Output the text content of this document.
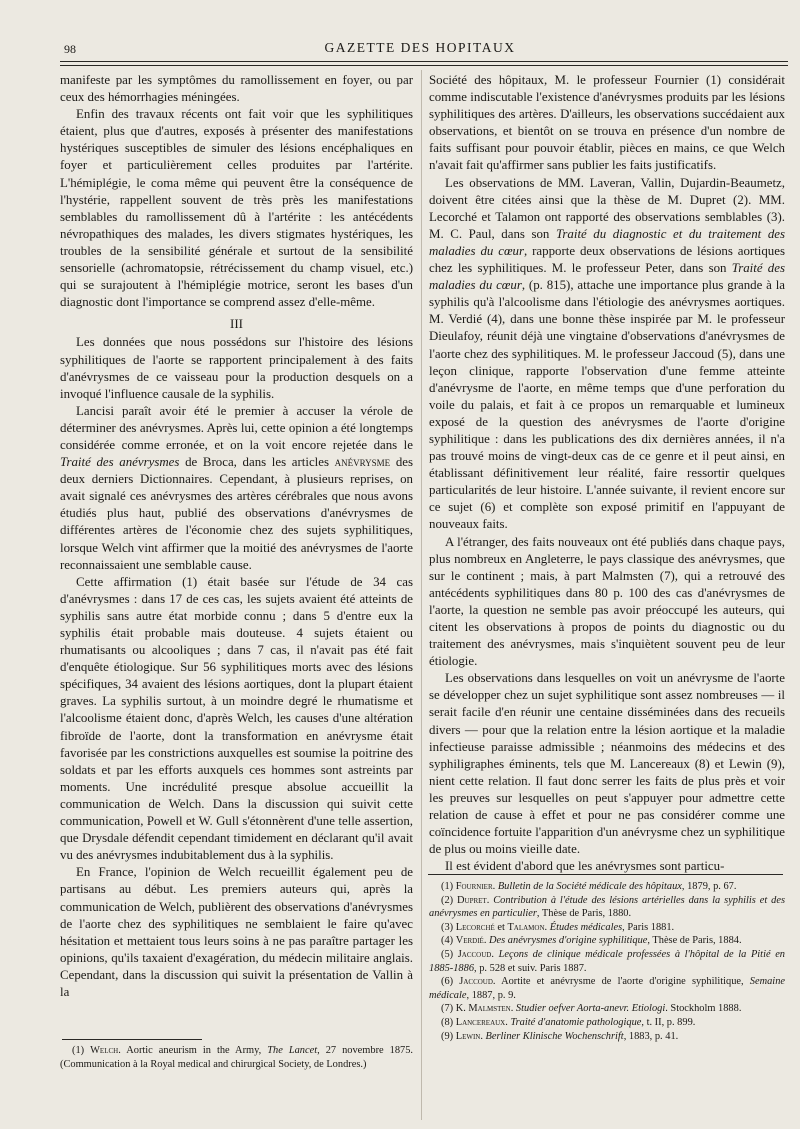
98	GAZETTE DES HOPITAUX

manifeste par les symptômes du ramollissement en foyer, ou par ceux des hémorrhagies méningées.

Enfin des travaux récents ont fait voir que les syphilitiques étaient, plus que d'autres, exposés à présenter des manifestations hystériques susceptibles de simuler des lésions encéphaliques en foyer et particulièrement celles produites par l'artérite. L'hémiplégie, le coma même qui peuvent être la conséquence de l'hystérie, rappellent souvent de très près les manifestations semblables du ramollissement dû à l'artérite : les antécédents névropathiques des malades, les divers stigmates hystériques, les troubles de la sensibilité générale et surtout de la sensibilité sensorielle (achromatopsie, rétrécissement du champ visuel, etc.) qui se surajoutent à l'hémiplégie motrice, seront les bases d'un diagnostic dont l'importance se comprend assez d'elle-même.

III

Les données que nous possédons sur l'histoire des lésions syphilitiques de l'aorte se rapportent principalement à des faits d'anévrysmes de ce vaisseau pour la production desquels on a invoqué l'influence causale de la syphilis.

Lancisi paraît avoir été le premier à accuser la vérole de déterminer des anévrysmes. Après lui, cette opinion a été longtemps considérée comme erronée, et on la voit encore rejetée dans le Traité des anévrysmes de Broca, dans les articles anévrysme des deux derniers Dictionnaires. Cependant, à plusieurs reprises, on avait signalé ces anévrysmes des artères cérébrales que nous avons étudiés plus haut, publié des observations d'anévrysmes de différentes artères de l'économie chez des sujets syphilitiques, lorsque Welch vint affirmer que la moitié des anévrysmes de l'aorte reconnaissaient une semblable cause.

Cette affirmation (1) était basée sur l'étude de 34 cas d'anévrysmes : dans 17 de ces cas, les sujets avaient été atteints de syphilis sans autre état morbide connu ; dans 5 d'entre eux la syphilis était probable mais douteuse. 4 sujets étaient ou rhumatisants ou alcooliques ; dans 7 cas, il n'avait pas été fait d'enquête étiologique. Sur 56 syphilitiques morts avec des lésions spécifiques, 34 avaient des lésions aortiques, dont la plupart étaient graves. La syphilis surtout, à un moindre degré le rhumatisme et l'alcoolisme étaient donc, d'après Welch, les causes d'une altération fibroïde de l'aorte, dont la transformation en anévrysme était favorisée par les constrictions auxquelles est soumise la poitrine des soldats et par les efforts auxquels ces hommes sont astreints par moments. Une incrédulité presque absolue accueillit la communication de Welch. Dans la discussion qui suivit cette communication, Powell et W. Gull s'étonnèrent d'une telle assertion, que Drysdale défendit cependant timidement en déclarant qu'il avait vu des anévrysmes indubitablement dus à la syphilis.

En France, l'opinion de Welch recueillit également peu de partisans au début. Les premiers auteurs qui, après la communication de Welch, publièrent des observations d'anévrysmes de l'aorte chez des syphilitiques ne semblaient le faire qu'avec hésitation et mettaient tous leurs soins à ne pas paraître partager les opinions, qu'ils taxaient d'exagération, du médecin militaire anglais. Cependant, dans la discussion qui suivit la présentation de Vallin à la

Société des hôpitaux, M. le professeur Fournier (1) considérait comme indiscutable l'existence d'anévrysmes produits par les lésions syphilitiques des artères. D'ailleurs, les observations succédaient aux observations, et bientôt on se trouva en présence d'un nombre de faits suffisant pour pouvoir établir, pièces en mains, ce que Welch n'avait fait qu'affirmer sans publier les faits justificatifs.

Les observations de MM. Laveran, Vallin, Dujardin-Beaumetz, doivent être citées ainsi que la thèse de M. Dupret (2). MM. Lecorché et Talamon ont rapporté des observations semblables (3). M. C. Paul, dans son Traité du diagnostic et du traitement des maladies du cœur, rapporte deux observations de lésions aortiques chez les syphilitiques. M. le professeur Peter, dans son Traité des maladies du cœur, (p. 815), attache une importance plus grande à la syphilis qu'à l'alcoolisme dans l'étiologie des anévrysmes aortiques. M. Verdié (4), dans une bonne thèse inspirée par M. le professeur Dieulafoy, réunit déjà une vingtaine d'observations d'anévrysmes de l'aorte chez des syphilitiques. M. le professeur Jaccoud (5), dans une leçon clinique, rapporte l'observation d'une femme atteinte d'anévrysme de l'aorte, en même temps que d'une perforation du voile du palais, et fait à ce propos un remarquable et lumineux exposé de la question des anévrysmes de l'aorte d'origine syphilitique : dans les publications des dix dernières années, il n'a pas trouvé moins de vingt-deux cas de ce genre et il peut ainsi, en établissant définitivement leur réalité, faire ressortir quelques particularités de leur histoire. L'année suivante, il revient encore sur ce sujet (6) et complète son exposé primitif en l'appuyant de nouveaux faits.

A l'étranger, des faits nouveaux ont été publiés dans chaque pays, plus nombreux en Angleterre, le pays classique des anévrysmes, que sur le continent ; mais, à part Malmsten (7), qui a retrouvé des antécédents syphilitiques dans 80 p. 100 des cas d'anévrysmes de l'aorte, la question ne semble pas avoir préoccupé les auteurs, qui citent les observations à propos de points du diagnostic ou du traitement des anévrysmes, mais s'inquiètent souvent peu de leur étiologie.

Les observations dans lesquelles on voit un anévrysme de l'aorte se développer chez un sujet syphilitique sont assez nombreuses — il serait facile d'en réunir une centaine disséminées dans des recueils divers — pour que la relation entre la lésion aortique et la maladie infectieuse paraisse admissible ; néanmoins des médecins et des syphiligraphes éminents, tels que M. Lancereaux (8) et Lewin (9), nient cette relation. Il faut donc serrer les faits de plus près et voir les preuves sur lesquelles on peut s'appuyer pour admettre cette relation de cause à effet et pour ne pas considérer comme une coïncidence fortuite l'apparition d'un anévrysme chez un syphilitique de plus ou moins vieille date.

Il est évident d'abord que les anévrysmes sont particu-

(1) Welch. Aortic aneurism in the Army, The Lancet, 27 novembre 1875. (Communication à la Royal medical and chirurgical Society, de Londres.)

(1) Fournier. Bulletin de la Société médicale des hôpitaux, 1879, p. 67.

(2) Dupret. Contribution à l'étude des lésions artérielles dans la syphilis et des anévrysmes en particulier, Thèse de Paris, 1880.

(3) Lecorché et Talamon. Études médicales, Paris 1881.

(4) Verdié. Des anévrysmes d'origine syphilitique, Thèse de Paris, 1884.

(5) Jaccoud. Leçons de clinique médicale professées à l'hôpital de la Pitié en 1885-1886, p. 528 et suiv. Paris 1887.

(6) Jaccoud. Aortite et anévrysme de l'aorte d'origine syphilitique, Semaine médicale, 1887, p. 9.

(7) K. Malmsten. Studier oefver Aorta-anevr. Etiologi. Stockholm 1888.

(8) Lancereaux. Traité d'anatomie pathologique, t. II, p. 899.

(9) Lewin. Berliner Klinische Wochenschrift, 1883, p. 41.
